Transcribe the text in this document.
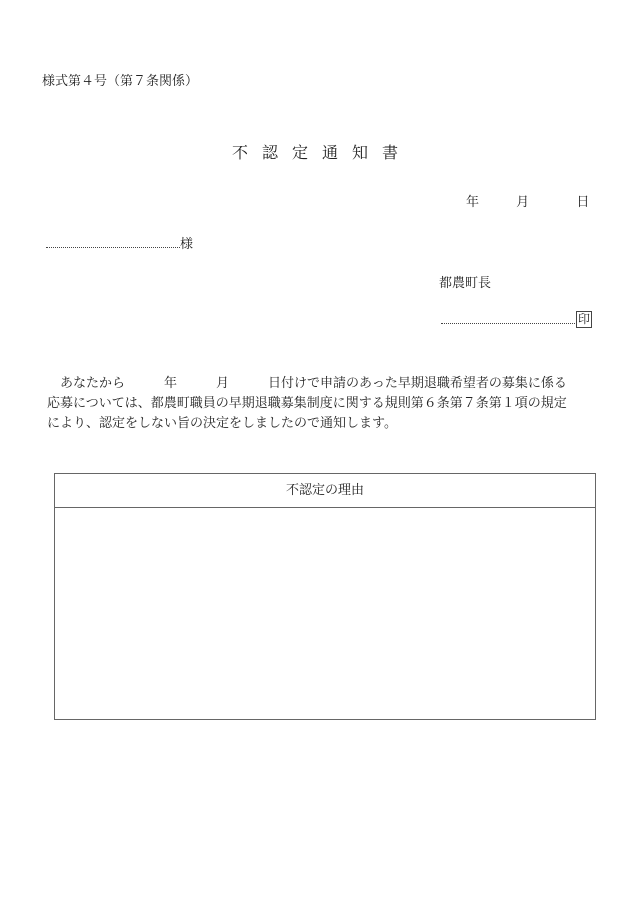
様式第４号（第７条関係）
不認定通知書
年	月	日
様
都農町長
印

　あなたから　　　年　　　月　　　日付けで申請のあった早期退職希望者の募集に係る

応募については、都農町職員の早期退職募集制度に関する規則第６条第７条第１項の規定

により、認定をしない旨の決定をしましたので通知します。

不認定の理由
